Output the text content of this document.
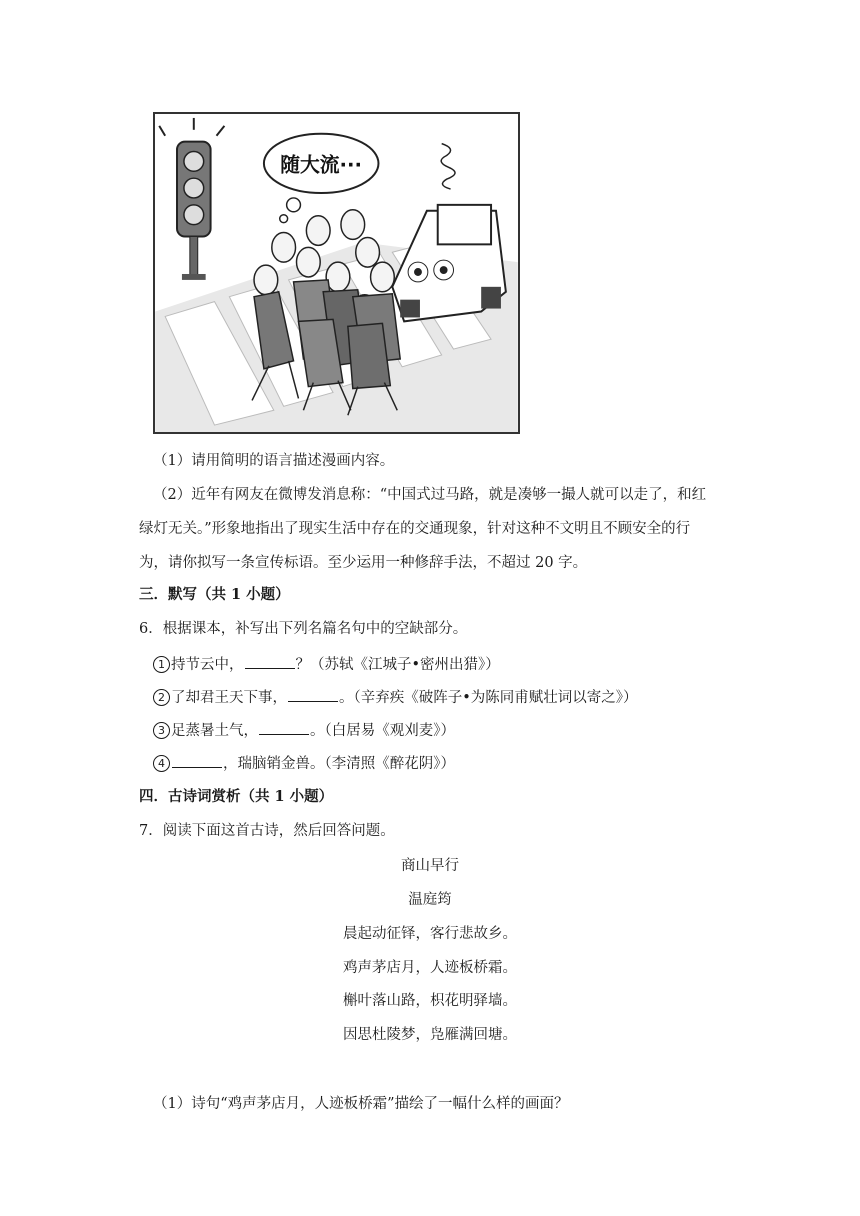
随大流···
（1）请用简明的语言描述漫画内容。
（2）近年有网友在微博发消息称：“中国式过马路，就是凑够一撮人就可以走了，和红
绿灯无关。”形象地指出了现实生活中存在的交通现象，针对这种不文明且不顾安全的行
为，请你拟写一条宣传标语。至少运用一种修辞手法，不超过 20 字。
三．默写（共 1 小题）
6．根据课本，补写出下列名篇名句中的空缺部分。
1 持节云中，	？（苏轼《江城子•密州出猎》）
2 了却君王天下事，	。（辛弃疾《破阵子•为陈同甫赋壮词以寄之》）
3 足蒸暑土气，	。（白居易《观刈麦》）
4	，瑞脑销金兽。（李清照《醉花阴》）
四．古诗词赏析（共 1 小题）
7．阅读下面这首古诗，然后回答问题。
商山早行
温庭筠
晨起动征铎，客行悲故乡。
鸡声茅店月，人迹板桥霜。
槲叶落山路，枳花明驿墙。
因思杜陵梦，凫雁满回塘。
（1）诗句“鸡声茅店月，人迹板桥霜”描绘了一幅什么样的画面？
